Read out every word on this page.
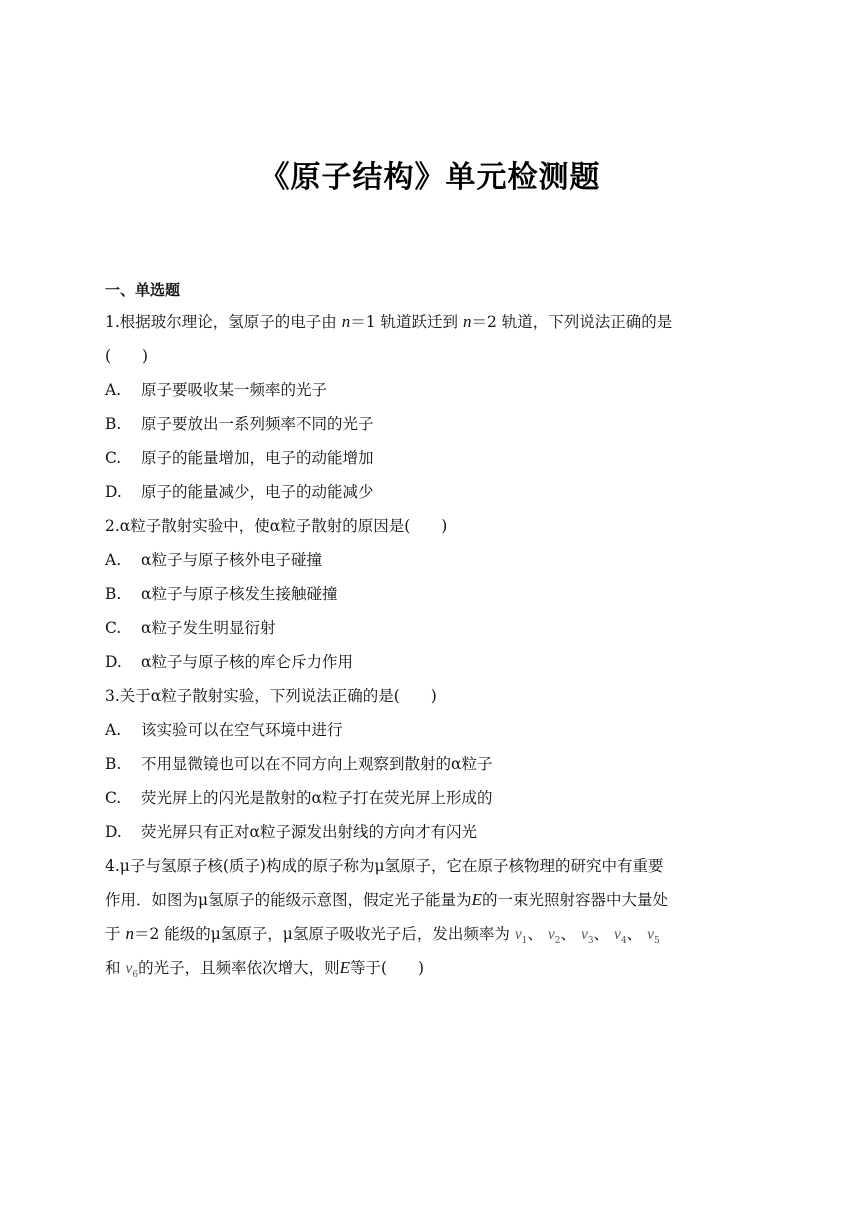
《原子结构》单元检测题
一、单选题
1.根据玻尔理论，氢原子的电子由 n＝1 轨道跃迁到 n＝2 轨道，下列说法正确的是
(　　)
A. 原子要吸收某一频率的光子
B. 原子要放出一系列频率不同的光子
C. 原子的能量增加，电子的动能增加
D. 原子的能量减少，电子的动能减少
2.α粒子散射实验中，使α粒子散射的原因是(　　)
A. α粒子与原子核外电子碰撞
B. α粒子与原子核发生接触碰撞
C. α粒子发生明显衍射
D. α粒子与原子核的库仑斥力作用
3.关于α粒子散射实验，下列说法正确的是(　　)
A. 该实验可以在空气环境中进行
B. 不用显微镜也可以在不同方向上观察到散射的α粒子
C. 荧光屏上的闪光是散射的α粒子打在荧光屏上形成的
D. 荧光屏只有正对α粒子源发出射线的方向才有闪光
4.μ子与氢原子核(质子)构成的原子称为μ氢原子，它在原子核物理的研究中有重要
作用．如图为μ氢原子的能级示意图，假定光子能量为E的一束光照射容器中大量处
于 n＝2 能级的μ氢原子，μ氢原子吸收光子后，发出频率为 $\nu_1$、 $\nu_2$、 $\nu_3$、 $\nu_4$、 $\nu_5$
和 $\nu_6$的光子，且频率依次增大，则E等于(　　)
